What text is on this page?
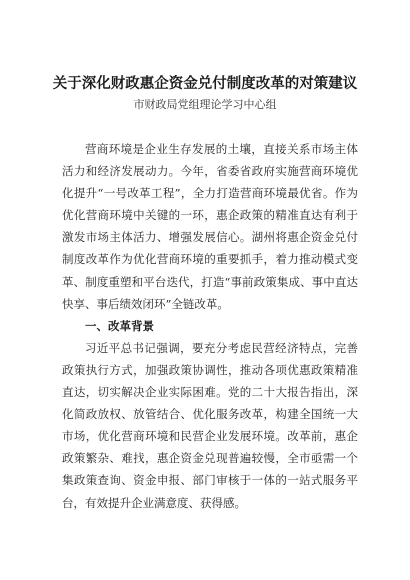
关于深化财政惠企资金兑付制度改革的对策建议
市财政局党组理论学习中心组

营商环境是企业生存发展的土壤，直接关系市场主体活力和经济发展动力。今年，省委省政府实施营商环境优化提升“一号改革工程”，全力打造营商环境最优省。作为优化营商环境中关键的一环，惠企政策的精准直达有利于激发市场主体活力、增强发展信心。湖州将惠企资金兑付制度改革作为优化营商环境的重要抓手，着力推动模式变革、制度重塑和平台迭代，打造“事前政策集成、事中直达快享、事后绩效闭环”全链改革。

一、改革背景

习近平总书记强调，要充分考虑民营经济特点，完善政策执行方式，加强政策协调性，推动各项优惠政策精准直达，切实解决企业实际困难。党的二十大报告指出，深化简政放权、放管结合、优化服务改革，构建全国统一大市场，优化营商环境和民营企业发展环境。改革前，惠企政策繁杂、难找，惠企资金兑现普遍较慢，全市亟需一个集政策查询、资金申报、部门审核于一体的一站式服务平台，有效提升企业满意度、获得感。
